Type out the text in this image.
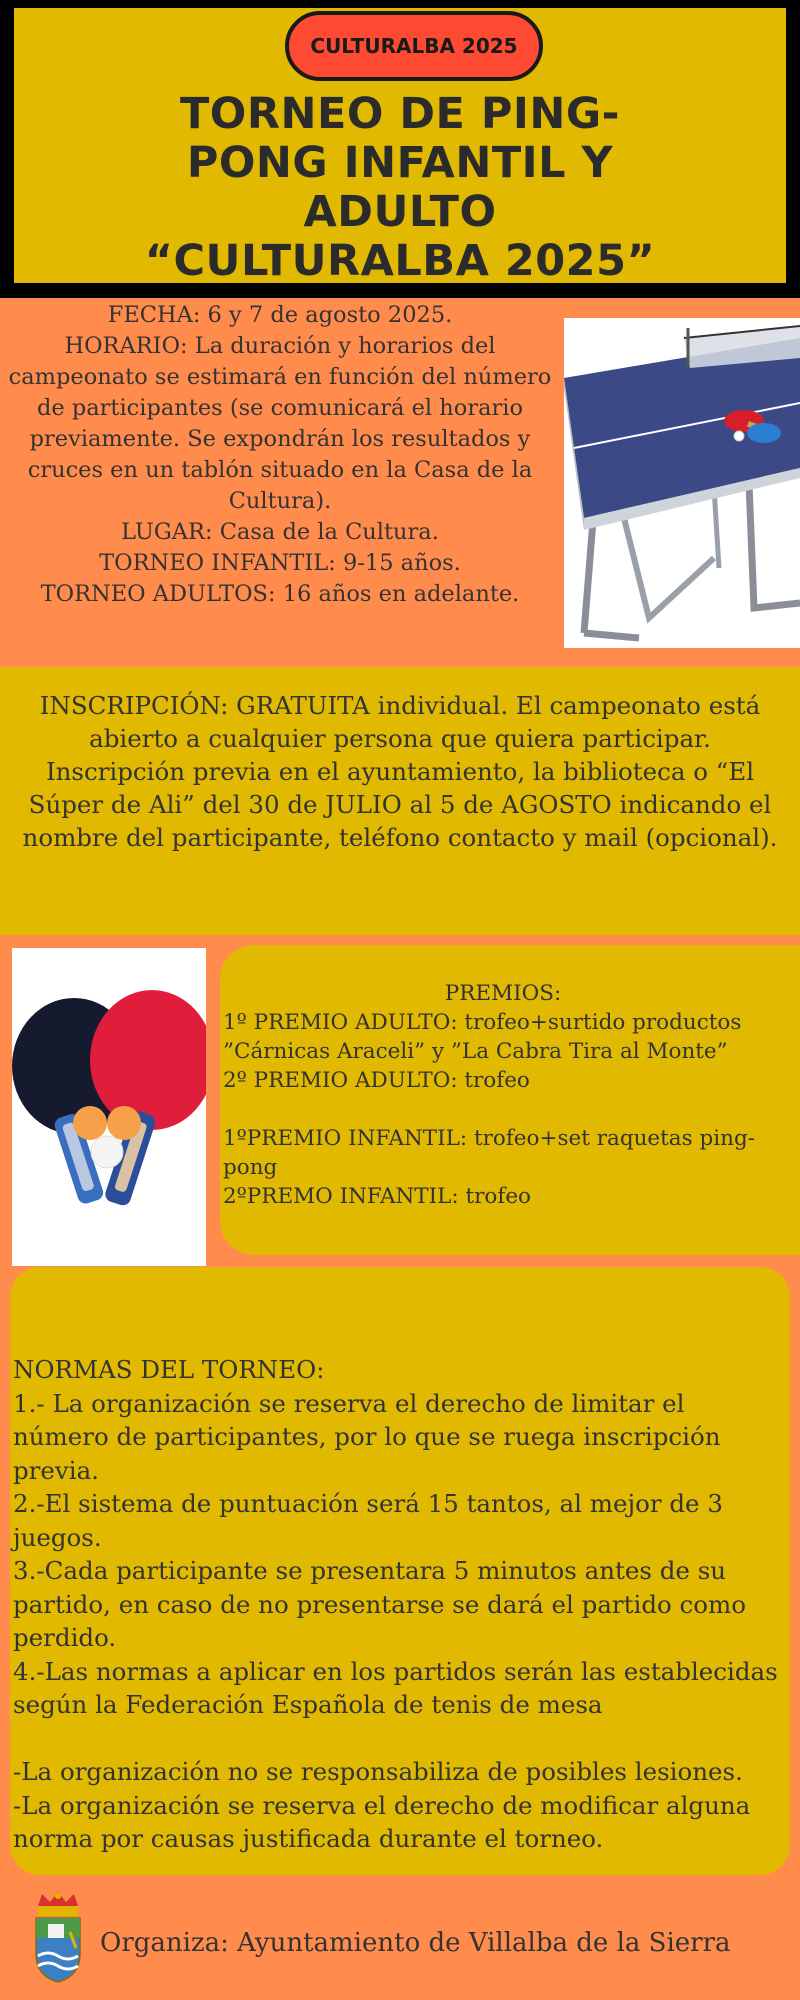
CULTURALBA 2025
TORNEO DE PING-
PONG INFANTIL Y
ADULTO
“CULTURALBA 2025”

FECHA: 6 y 7 de agosto 2025.

HORARIO: La duración y horarios del campeonato se estimará en función del número de participantes (se comunicará el horario previamente. Se expondrán los resultados y cruces en un tablón situado en la Casa de la Cultura).

LUGAR: Casa de la Cultura.

TORNEO INFANTIL: 9-15 años.

TORNEO ADULTOS: 16 años en adelante.

INSCRIPCIÓN: GRATUITA individual. El campeonato está abierto a cualquier persona que quiera participar. Inscripción previa en el ayuntamiento, la biblioteca o “El Súper de Ali” del 30 de JULIO al 5 de AGOSTO indicando el nombre del participante, teléfono contacto y mail (opcional).

PREMIOS:

1º PREMIO ADULTO: trofeo+surtido productos ”Cárnicas Araceli” y ”La Cabra Tira al Monte”

2º PREMIO ADULTO: trofeo

1ºPREMIO INFANTIL: trofeo+set raquetas ping-pong

2ºPREMO INFANTIL: trofeo

NORMAS DEL TORNEO:

1.- La organización se reserva el derecho de limitar el número de participantes, por lo que se ruega inscripción previa.

2.-El sistema de puntuación será 15 tantos, al mejor de 3 juegos.

3.-Cada participante se presentara 5 minutos antes de su partido, en caso de no presentarse se dará el partido como perdido.

4.-Las normas a aplicar en los partidos serán las establecidas según la Federación Española de tenis de mesa

-La organización no se responsabiliza de posibles lesiones.

-La organización se reserva el derecho de modificar alguna norma por causas justificada durante el torneo.

Organiza: Ayuntamiento de Villalba de la Sierra
